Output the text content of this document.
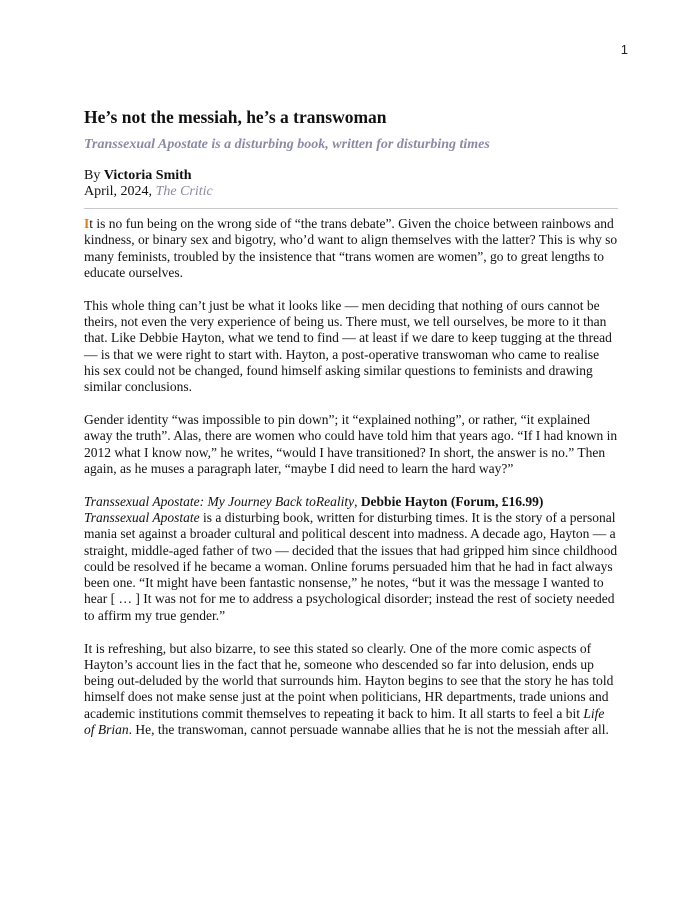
1
He’s not the messiah, he’s a transwoman

Transsexual Apostate is a disturbing book, written for disturbing times

By Victoria Smith

April, 2024, The Critic

It is no fun being on the wrong side of “the trans debate”. Given the choice between rainbows and kindness, or binary sex and bigotry, who’d want to align themselves with the latter? This is why so many feminists, troubled by the insistence that “trans women are women”, go to great lengths to educate ourselves.

This whole thing can’t just be what it looks like — men deciding that nothing of ours cannot be theirs, not even the very experience of being us. There must, we tell ourselves, be more to it than that. Like Debbie Hayton, what we tend to find — at least if we dare to keep tugging at the thread — is that we were right to start with. Hayton, a post-operative transwoman who came to realise his sex could not be changed, found himself asking similar questions to feminists and drawing similar conclusions.

Gender identity “was impossible to pin down”; it “explained nothing”, or rather, “it explained away the truth”. Alas, there are women who could have told him that years ago. “If I had known in 2012 what I know now,” he writes, “would I have transitioned? In short, the answer is no.” Then again, as he muses a paragraph later, “maybe I did need to learn the hard way?”

Transsexual Apostate: My Journey Back toReality, Debbie Hayton (Forum, £16.99)
Transsexual Apostate is a disturbing book, written for disturbing times. It is the story of a personal mania set against a broader cultural and political descent into madness. A decade ago, Hayton — a straight, middle-aged father of two — decided that the issues that had gripped him since childhood could be resolved if he became a woman. Online forums persuaded him that he had in fact always been one. “It might have been fantastic nonsense,” he notes, “but it was the message I wanted to hear [ … ] It was not for me to address a psychological disorder; instead the rest of society needed to affirm my true gender.”

It is refreshing, but also bizarre, to see this stated so clearly. One of the more comic aspects of Hayton’s account lies in the fact that he, someone who descended so far into delusion, ends up being out-deluded by the world that surrounds him. Hayton begins to see that the story he has told himself does not make sense just at the point when politicians, HR departments, trade unions and academic institutions commit themselves to repeating it back to him. It all starts to feel a bit Life of Brian. He, the transwoman, cannot persuade wannabe allies that he is not the messiah after all.
